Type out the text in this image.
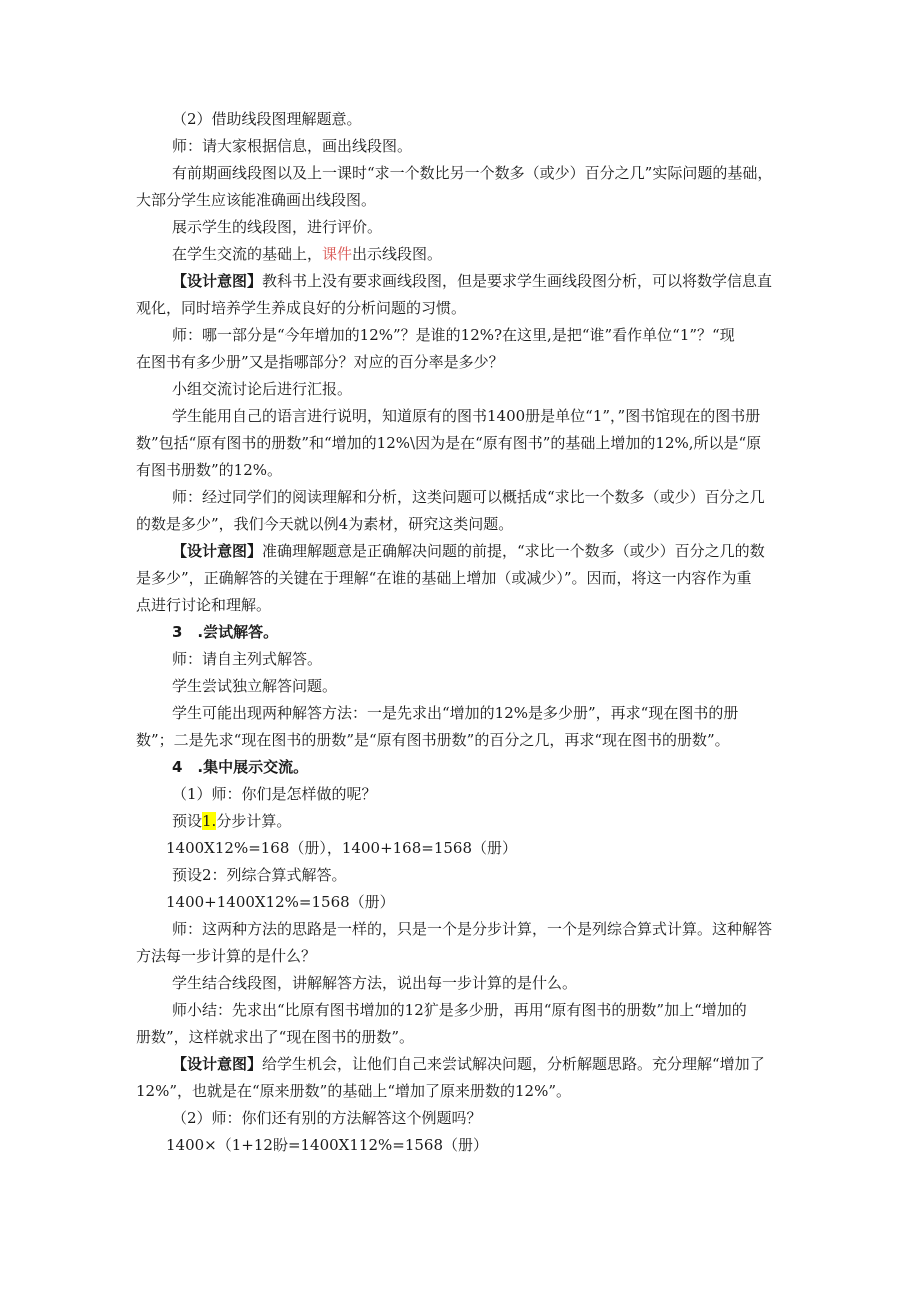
（2）借助线段图理解题意。
师：请大家根据信息，画出线段图。
有前期画线段图以及上一课时“求一个数比另一个数多（或少）百分之几”实际问题的基础，
大部分学生应该能准确画出线段图。
展示学生的线段图，进行评价。
在学生交流的基础上，课件出示线段图。
【设计意图】教科书上没有要求画线段图，但是要求学生画线段图分析，可以将数学信息直
观化，同时培养学生养成良好的分析问题的习惯。
师：哪一部分是“今年增加的12%”？是谁的12%?在这里,是把“谁”看作单位“1”？“现
在图书有多少册”又是指哪部分？对应的百分率是多少？
小组交流讨论后进行汇报。
学生能用自己的语言进行说明，知道原有的图书1400册是单位“1”，”图书馆现在的图书册
数”包括“原有图书的册数”和“增加的12%\因为是在“原有图书”的基础上增加的12%,所以是“原
有图书册数”的12%。
师：经过同学们的阅读理解和分析，这类问题可以概括成“求比一个数多（或少）百分之几
的数是多少”，我们今天就以例4为素材，研究这类问题。
【设计意图】准确理解题意是正确解决问题的前提，“求比一个数多（或少）百分之几的数
是多少”，正确解答的关键在于理解“在谁的基础上增加（或减少）”。因而，将这一内容作为重
点进行讨论和理解。
3　.尝试解答。
师：请自主列式解答。
学生尝试独立解答问题。
学生可能出现两种解答方法：一是先求出“增加的12%是多少册”，再求“现在图书的册
数”；二是先求“现在图书的册数”是“原有图书册数”的百分之几，再求“现在图书的册数”。
4　.集中展示交流。
（1）师：你们是怎样做的呢？
预设1.分步计算。
1400X12%=168（册），1400+168=1568（册）
预设2：列综合算式解答。
1400+1400X12%=1568（册）
师：这两种方法的思路是一样的，只是一个是分步计算，一个是列综合算式计算。这种解答
方法每一步计算的是什么？
学生结合线段图，讲解解答方法，说出每一步计算的是什么。
师小结：先求出“比原有图书增加的12犷是多少册，再用“原有图书的册数”加上“增加的
册数”，这样就求出了“现在图书的册数”。
【设计意图】给学生机会，让他们自己来尝试解决问题，分析解题思路。充分理解“增加了
12%”，也就是在“原来册数”的基础上“增加了原来册数的12%”。
（2）师：你们还有别的方法解答这个例题吗？
1400×（1+12盼=1400X112%=1568（册）
